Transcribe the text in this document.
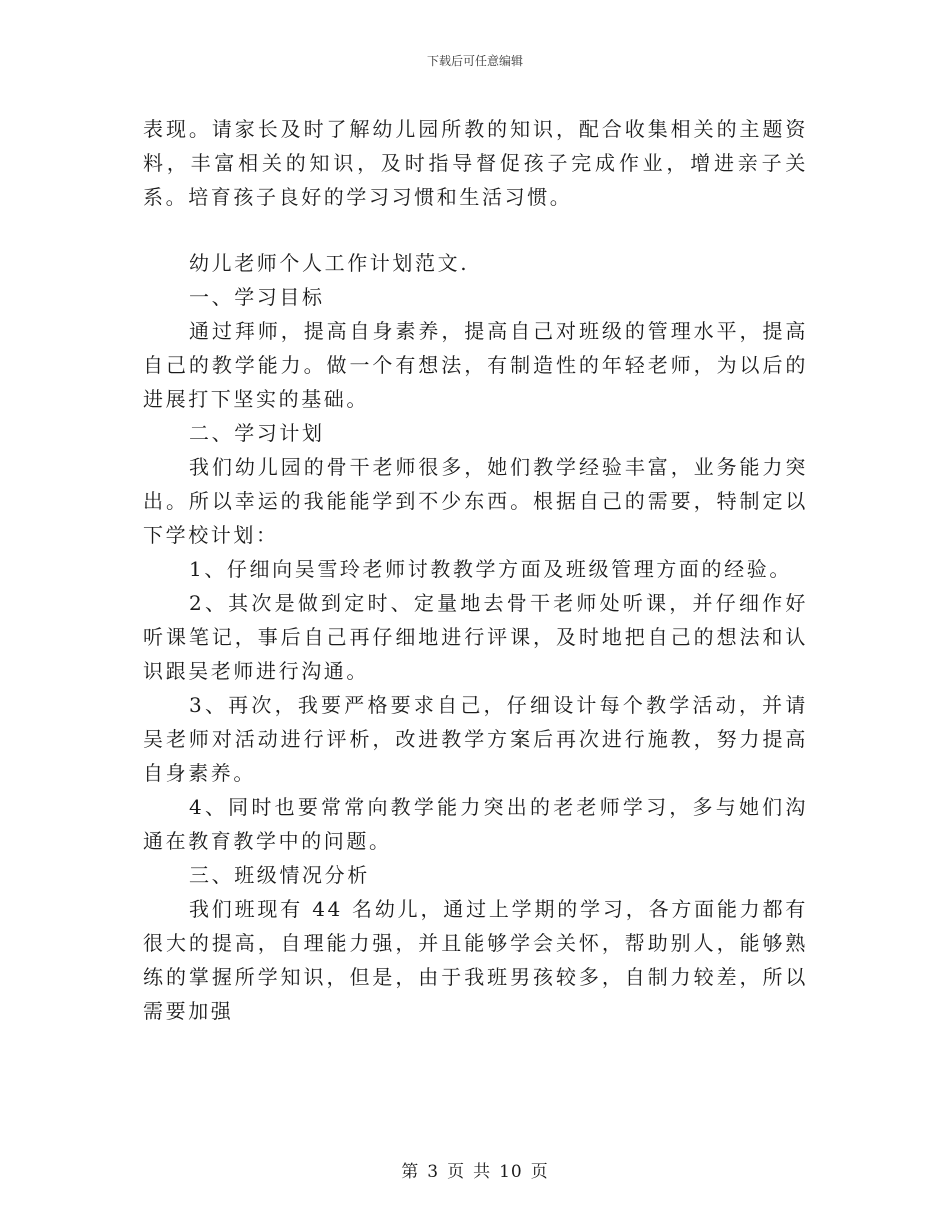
下载后可任意编辑

表现。请家长及时了解幼儿园所教的知识，配合收集相关的主题资料，丰富相关的知识，及时指导督促孩子完成作业，增进亲子关系。培育孩子良好的学习习惯和生活习惯。

幼儿老师个人工作计划范文.

一、学习目标

通过拜师，提高自身素养，提高自己对班级的管理水平，提高自己的教学能力。做一个有想法，有制造性的年轻老师，为以后的进展打下坚实的基础。

二、学习计划

我们幼儿园的骨干老师很多，她们教学经验丰富，业务能力突出。所以幸运的我能能学到不少东西。根据自己的需要，特制定以下学校计划：

1、仔细向吴雪玲老师讨教教学方面及班级管理方面的经验。

2、其次是做到定时、定量地去骨干老师处听课，并仔细作好听课笔记，事后自己再仔细地进行评课，及时地把自己的想法和认识跟吴老师进行沟通。

3、再次，我要严格要求自己，仔细设计每个教学活动，并请吴老师对活动进行评析，改进教学方案后再次进行施教，努力提高自身素养。

4、同时也要常常向教学能力突出的老老师学习，多与她们沟通在教育教学中的问题。

三、班级情况分析

我们班现有 44 名幼儿，通过上学期的学习，各方面能力都有很大的提高，自理能力强，并且能够学会关怀，帮助别人，能够熟练的掌握所学知识，但是，由于我班男孩较多，自制力较差，所以需要加强

第 3 页 共 10 页
